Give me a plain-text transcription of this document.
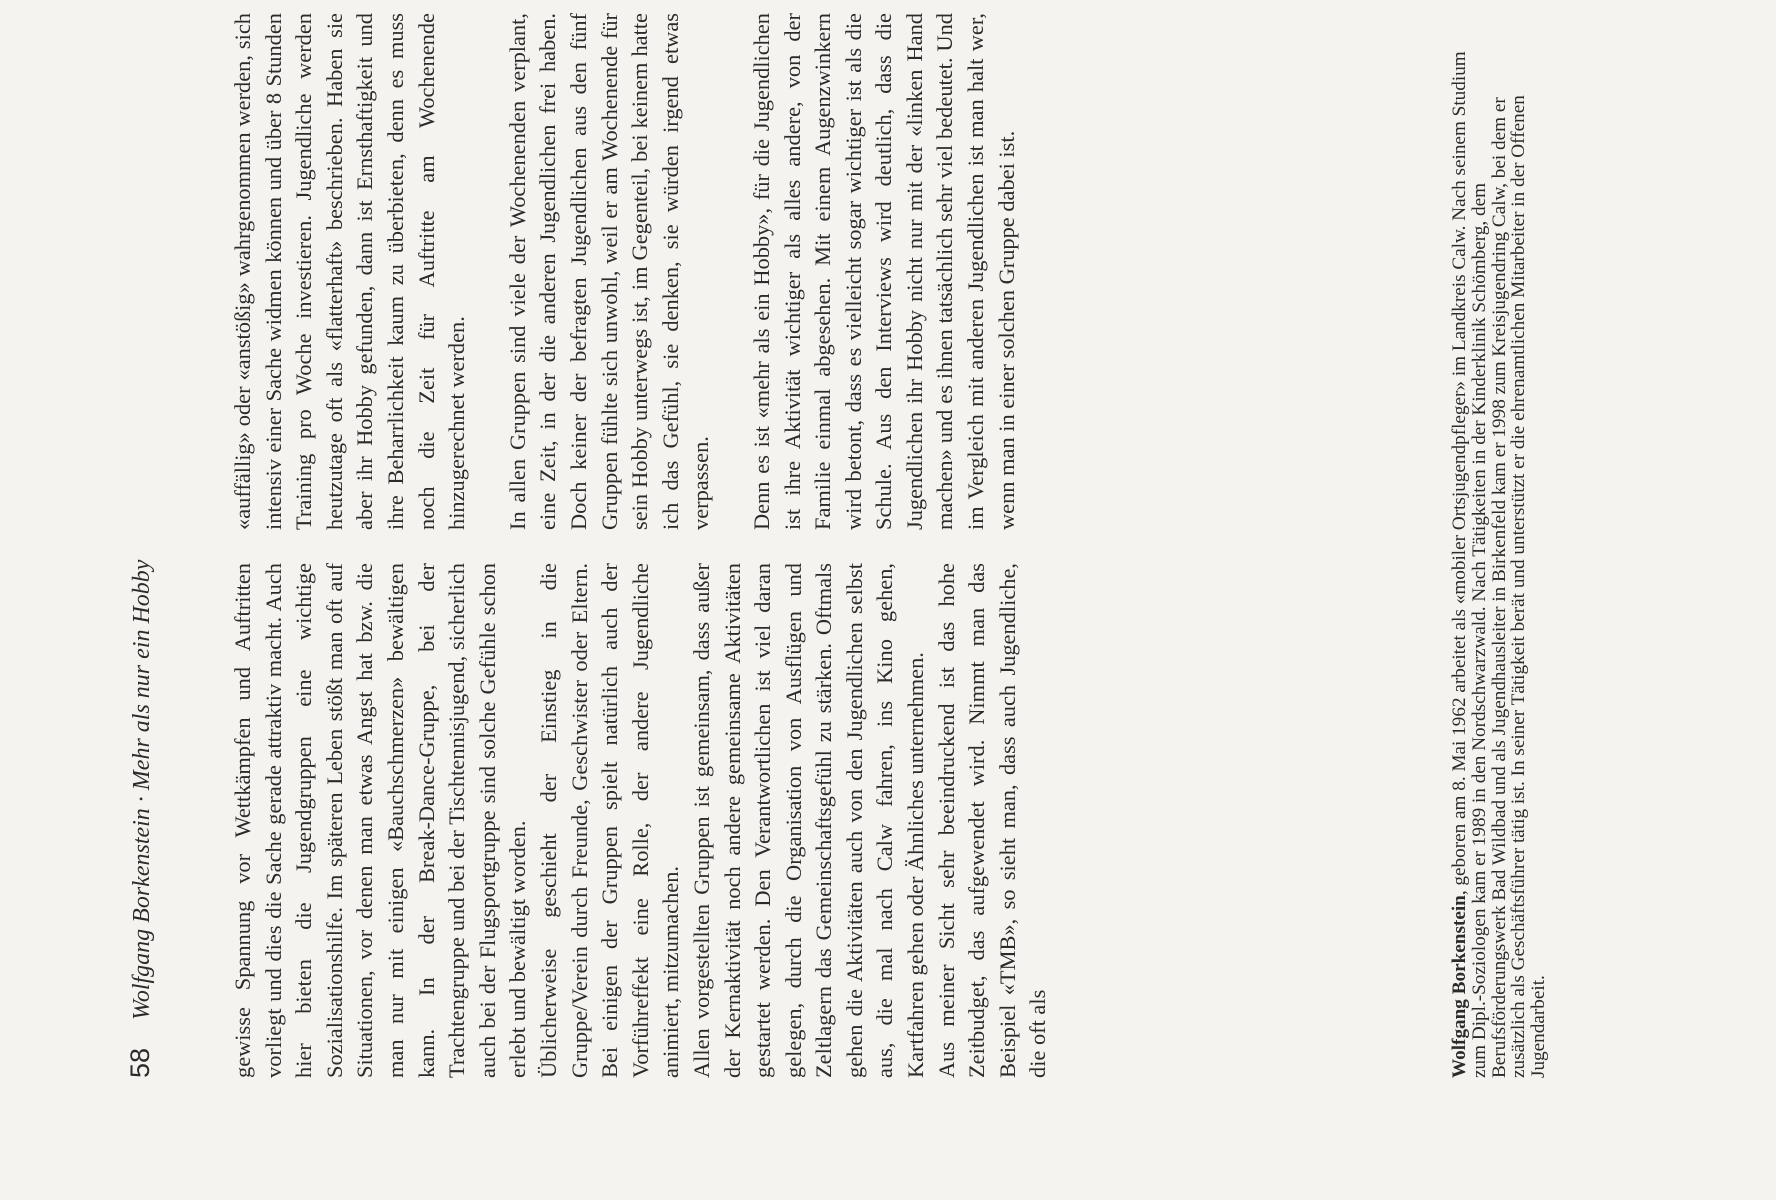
58 Wolfgang Borkenstein · Mehr als nur ein Hobby	gewisse Spannung vor Wettkämpfen und Auftritten vorliegt und dies die Sache gerade attraktiv macht. Auch hier bieten die Jugendgruppen eine wichtige Sozialisationshilfe. Im späteren Leben stößt man oft auf Situationen, vor denen man etwas Angst hat bzw. die man nur mit einigen «Bauchschmerzen» bewältigen kann. In der Break-Dance-Gruppe, bei der Trachtengruppe und bei der Tischtennisjugend, sicherlich auch bei der Flugsportgruppe sind solche Gefühle schon erlebt und bewältigt worden. Üblicherweise geschieht der Einstieg in die Gruppe/Verein durch Freunde, Geschwister oder Eltern. Bei einigen der Gruppen spielt natürlich auch der Vorführeffekt eine Rolle, der andere Jugendliche animiert, mitzumachen. Allen vorgestellten Gruppen ist gemeinsam, dass außer der Kernaktivität noch andere gemeinsame Aktivitäten gestartet werden. Den Verantwortlichen ist viel daran gelegen, durch die Organisation von Ausflügen und Zeltlagern das Gemeinschaftsgefühl zu stärken. Oftmals gehen die Aktivitäten auch von den Jugendlichen selbst aus, die mal nach Calw fahren, ins Kino gehen, Kartfahren gehen oder Ähnliches unternehmen. Aus meiner Sicht sehr beeindruckend ist das hohe Zeitbudget, das aufgewendet wird. Nimmt man das Beispiel «TMB», so sieht man, dass auch Jugendliche, die oft als

«auffällig» oder «anstößig» wahrgenommen werden, sich intensiv einer Sache widmen können und über 8 Stunden Training pro Woche investieren. Jugendliche werden heutzutage oft als «flatterhaft» beschrieben. Haben sie aber ihr Hobby gefunden, dann ist Ernsthaftigkeit und ihre Beharrlichkeit kaum zu überbieten, denn es muss noch die Zeit für Auftritte am Wochenende hinzugerechnet werden. In allen Gruppen sind viele der Wochenenden verplant, eine Zeit, in der die anderen Jugendlichen frei haben. Doch keiner der befragten Jugendlichen aus den fünf Gruppen fühlte sich unwohl, weil er am Wochenende für sein Hobby unterwegs ist, im Gegenteil, bei keinem hatte ich das Gefühl, sie denken, sie würden irgend etwas verpassen. Denn es ist «mehr als ein Hobby», für die Jugendlichen ist ihre Aktivität wichtiger als alles andere, von der Familie einmal abgesehen. Mit einem Augenzwinkern wird betont, dass es vielleicht sogar wichtiger ist als die Schule. Aus den Interviews wird deutlich, dass die Jugendlichen ihr Hobby nicht nur mit der «linken Hand machen» und es ihnen tatsächlich sehr viel bedeutet. Und im Vergleich mit anderen Jugendlichen ist man halt wer, wenn man in einer solchen Gruppe dabei ist.

Wolfgang Borkenstein, geboren am 8. Mai 1962 arbeitet als «mobiler Ortsjugendpfleger» im Landkreis Calw. Nach seinem Studium zum Dipl.-Soziologen kam er 1989 in den Nordschwarzwald. Nach Tätigkeiten in der Kinderklinik Schömberg, dem Berufsförderungswerk Bad Wildbad und als Jugendhausleiter in Birkenfeld kam er 1998 zum Kreisjugendring Calw, bei dem er zusätzlich als Geschäftsführer tätig ist. In seiner Tätigkeit berät und unterstützt er die ehrenamtlichen Mitarbeiter in der Offenen Jugendarbeit.
